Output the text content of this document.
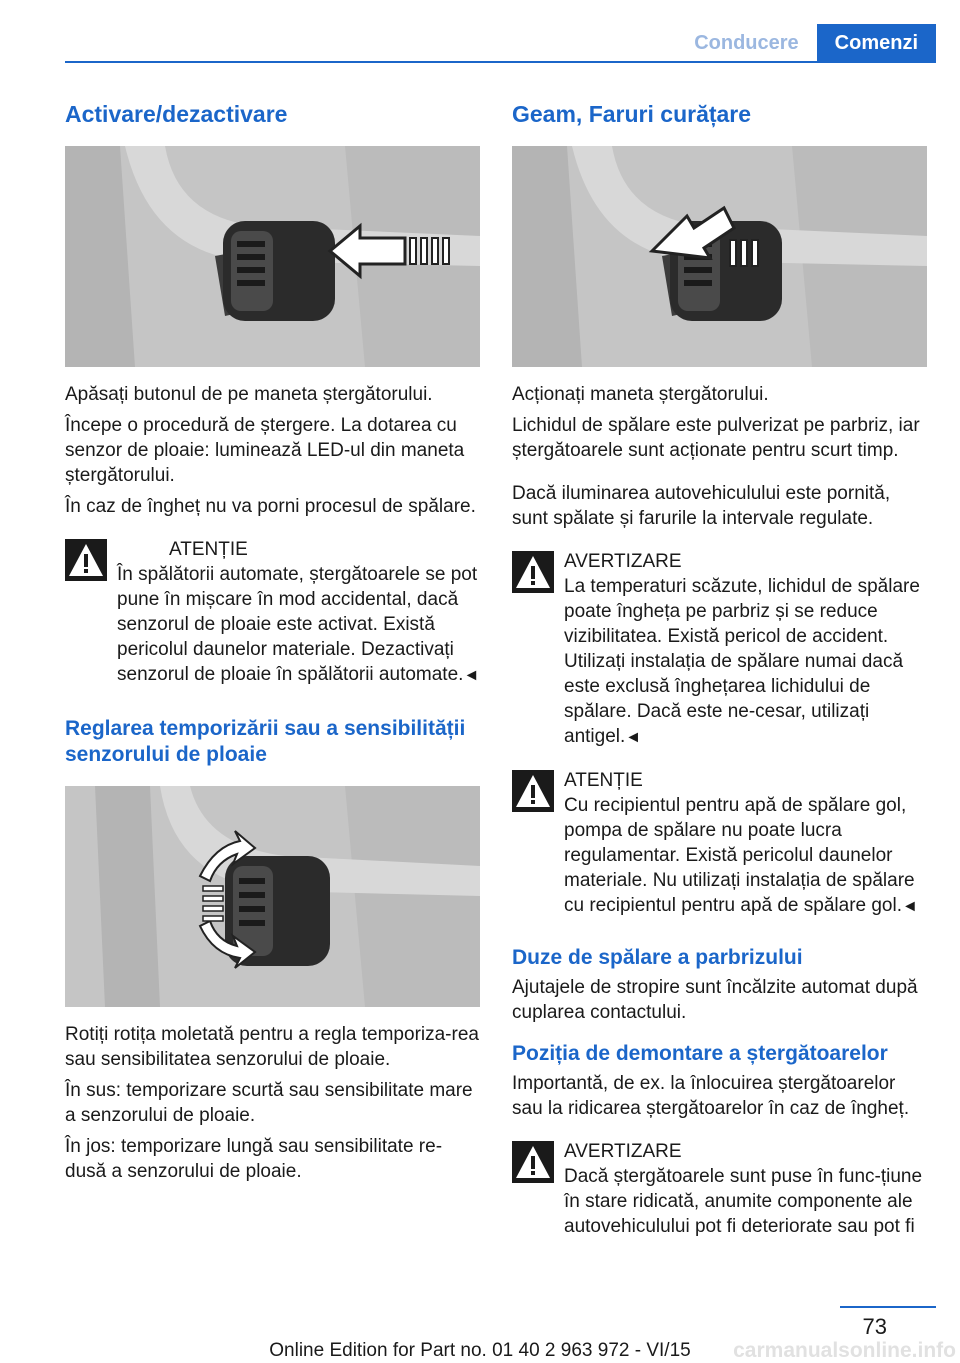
Conducere	Comenzi
Activare/dezactivare

Apăsați butonul de pe maneta ștergătorului.

Începe o procedură de ștergere. La dotarea cu senzor de ploaie: luminează LED-ul din maneta ștergătorului.

În caz de îngheț nu va porni procesul de spălare.

ATENȚIE
În spălătorii automate, ștergătoarele se pot pune în mișcare în mod accidental, dacă senzorul de ploaie este activat. Există pericolul daunelor materiale. Dezactivați senzorul de ploaie în spălătorii automate.◄
Reglarea temporizării sau a sensibilității senzorului de ploaie

Rotiți rotița moletată pentru a regla temporiza-rea sau sensibilitatea senzorului de ploaie.

În sus: temporizare scurtă sau sensibilitate mare a senzorului de ploaie.

În jos: temporizare lungă sau sensibilitate re-dusă a senzorului de ploaie.

Geam, Faruri curățare

Acționați maneta ștergătorului.

Lichidul de spălare este pulverizat pe parbriz, iar ștergătoarele sunt acționate pentru scurt timp.

Dacă iluminarea autovehiculului este pornită, sunt spălate și farurile la intervale regulate.

AVERTIZARE
La temperaturi scăzute, lichidul de spălare poate îngheța pe parbriz și se reduce vizibilitatea. Există pericol de accident. Utilizați instalația de spălare numai dacă este exclusă înghețarea lichidului de spălare. Dacă este ne-cesar, utilizați antigel.◄
ATENȚIE
Cu recipientul pentru apă de spălare gol, pompa de spălare nu poate lucra regulamentar. Există pericolul daunelor materiale. Nu utilizați instalația de spălare cu recipientul pentru apă de spălare gol.◄
Duze de spălare a parbrizului

Ajutajele de stropire sunt încălzite automat după cuplarea contactului.

Poziția de demontare a ștergătoarelor

Importantă, de ex. la înlocuirea ștergătoarelor sau la ridicarea ștergătoarelor în caz de îngheț.

AVERTIZARE
Dacă ștergătoarele sunt puse în func-țiune în stare ridicată, anumite componente ale autovehiculului pot fi deteriorate sau pot fi
73
Online Edition for Part no. 01 40 2 963 972 - VI/15	carmanualsonline.info
